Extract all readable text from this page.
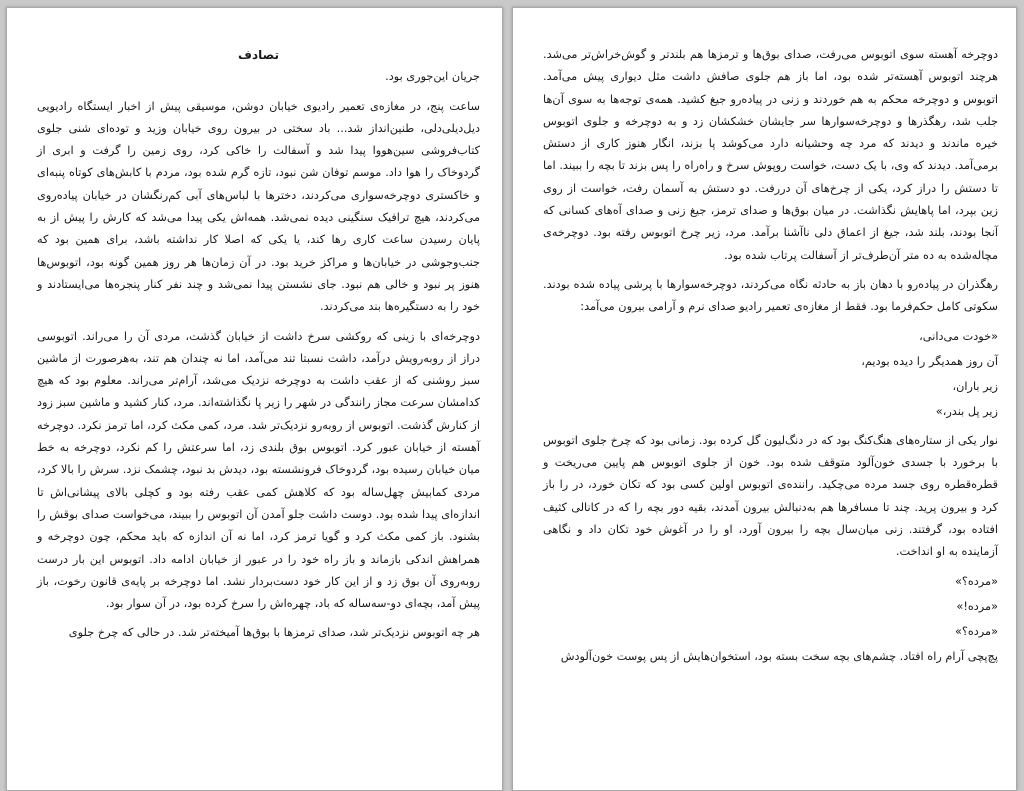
تصادف

جریان این‌جوری بود.

ساعت پنج، در مغازه‌ی تعمیر رادیوی خیابان دوشن، موسیقی پیش از اخبار ایستگاه رادیویی دیل‌دیلی‌دلی، طنین‌انداز شد... باد سختی در بیرون روی خیابان وزید و توده‌ای شنی جلوی کتاب‌فروشی سین‌هووا پیدا شد و آسفالت را خاکی کرد، روی زمین را گرفت و ابری از گردوخاک را هوا داد. موسم توفان شن نبود، تازه گرم شده بود، مردم با کابش‌های کوتاه پنبه‌ای و خاکستری دوچرخه‌سواری می‌کردند، دخترها با لباس‌های آبی کم‌رنگشان در خیابان پیاده‌روی می‌کردند، هیچ ترافیک سنگینی دیده نمی‌شد. همه‌اش یکی پیدا می‌شد که کارش را پیش از به پایان رسیدن ساعت کاری رها کند، یا یکی که اصلا کار نداشته باشد، برای همین بود که جنب‌وجوشی در خیابان‌ها و مراکز خرید بود. در آن زمان‌ها هر روز همین گونه بود، اتوبوس‌ها هنوز پر نبود و خالی هم نبود. جای نشستن پیدا نمی‌شد و چند نفر کنار پنجره‌ها می‌ایستادند و خود را به دستگیره‌ها بند می‌کردند.

دوچرخه‌ای با زینی که روکشی سرخ داشت از خیابان گذشت، مردی آن را می‌راند. اتوبوسی دراز از روبه‌رویش درآمد، داشت نسبتا تند می‌آمد، اما نه چندان هم تند، به‌هرصورت از ماشین سبز روشنی که از عقب داشت به دوچرخه نزدیک می‌شد، آرام‌تر می‌راند. معلوم بود که هیچ کدامشان سرعت مجاز رانندگی در شهر را زیر پا نگذاشته‌اند. مرد، کنار کشید و ماشین سبز زود از کنارش گذشت. اتوبوس از روبه‌رو نزدیک‌تر شد. مرد، کمی مکث کرد، اما ترمز نکرد. دوچرخه آهسته از خیابان عبور کرد. اتوبوس بوق بلندی زد، اما سرعتش را کم نکرد، دوچرخه به خط میان خیابان رسیده بود، گردوخاک فرونشسته بود، دیدش بد نبود، چشمک نزد. سرش را بالا کرد، مردی کمابیش چهل‌ساله بود که کلاهش کمی عقب رفته بود و کچلی بالای پیشانی‌اش تا اندازه‌ای پیدا شده بود. دوست داشت جلو آمدن آن اتوبوس را ببیند، می‌خواست صدای بوقش را بشنود. باز کمی مکث کرد و گویا ترمز کرد، اما نه آن اندازه که باید محکم، چون دوچرخه و همراهش اندکی بازماند و باز راه خود را در عبور از خیابان ادامه داد. اتوبوس این بار درست روبه‌روی آن بوق زد و از این کار خود دست‌بردار نشد. اما دوچرخه بر پایه‌ی قانون رخوت، باز پیش آمد، بچه‌ای دو-سه‌ساله که باد، چهره‌اش را سرخ کرده بود، در آن سوار بود.

هر چه اتوبوس نزدیک‌تر شد، صدای ترمزها با بوق‌ها آمیخته‌تر شد. در حالی که چرخ جلوی

دوچرخه آهسته سوی اتوبوس می‌رفت، صدای بوق‌ها و ترمزها هم بلندتر و گوش‌خراش‌تر می‌شد. هرچند اتوبوس آهسته‌تر شده بود، اما باز هم جلوی صافش داشت مثل دیواری پیش می‌آمد. اتوبوس و دوچرخه محکم به هم خوردند و زنی در پیاده‌رو جیغ کشید. همه‌ی توجه‌ها به سوی آن‌ها جلب شد، رهگذرها و دوچرخه‌سوارها سر جایشان خشکشان زد و به دوچرخه و جلوی اتوبوس خیره ماندند و دیدند که مرد چه وحشیانه دارد می‌کوشد پا بزند، انگار هنوز کاری از دستش برمی‌آمد. دیدند که وی، با یک دست، خواست روپوش سرخ و راه‌راه را پس بزند تا بچه را ببیند. اما تا دستش را دراز کرد، یکی از چرخ‌های آن دررفت. دو دستش به آسمان رفت، خواست از روی زین بپرد، اما پاهایش نگذاشت. در میان بوق‌ها و صدای ترمز، جیغ زنی و صدای آه‌های کسانی که آنجا بودند، بلند شد، جیغ از اعماق دلی ناآشنا برآمد. مرد، زیر چرخ اتوبوس رفته بود. دوچرخه‌ی مچاله‌شده به ده متر آن‌طرف‌تر از آسفالت پرتاب شده بود.

رهگذران در پیاده‌رو با دهان باز به حادثه نگاه می‌کردند، دوچرخه‌سوارها با پرشی پیاده شده بودند. سکوتی کامل حکم‌فرما بود. فقط از مغازه‌ی تعمیر رادیو صدای نرم و آرامی بیرون می‌آمد:

«خودت می‌دانی،

آن روز همدیگر را دیده بودیم،

زیر باران،

زیر پل بندر،»

نوار یکی از ستاره‌های هنگ‌کنگ بود که در دنگ‌لیون گل کرده بود. زمانی بود که چرخ جلوی اتوبوس با برخورد با جسدی خون‌آلود متوقف شده بود. خون از جلوی اتوبوس هم پایین می‌ریخت و قطره‌قطره روی جسد مرده می‌چکید. راننده‌ی اتوبوس اولین کسی بود که تکان خورد، در را باز کرد و بیرون پرید. چند تا مسافرها هم به‌دنبالش بیرون آمدند، بقیه دور بچه را که در کانالی کثیف افتاده بود، گرفتند. زنی میان‌سال بچه را بیرون آورد، او را در آغوش خود تکان داد و نگاهی آزماینده به او انداخت.

«مرده؟»

«مرده!»

«مرده؟»

پچ‌پچی آرام راه افتاد. چشم‌های بچه سخت بسته بود، استخوان‌هایش از پس پوست خون‌آلودش
